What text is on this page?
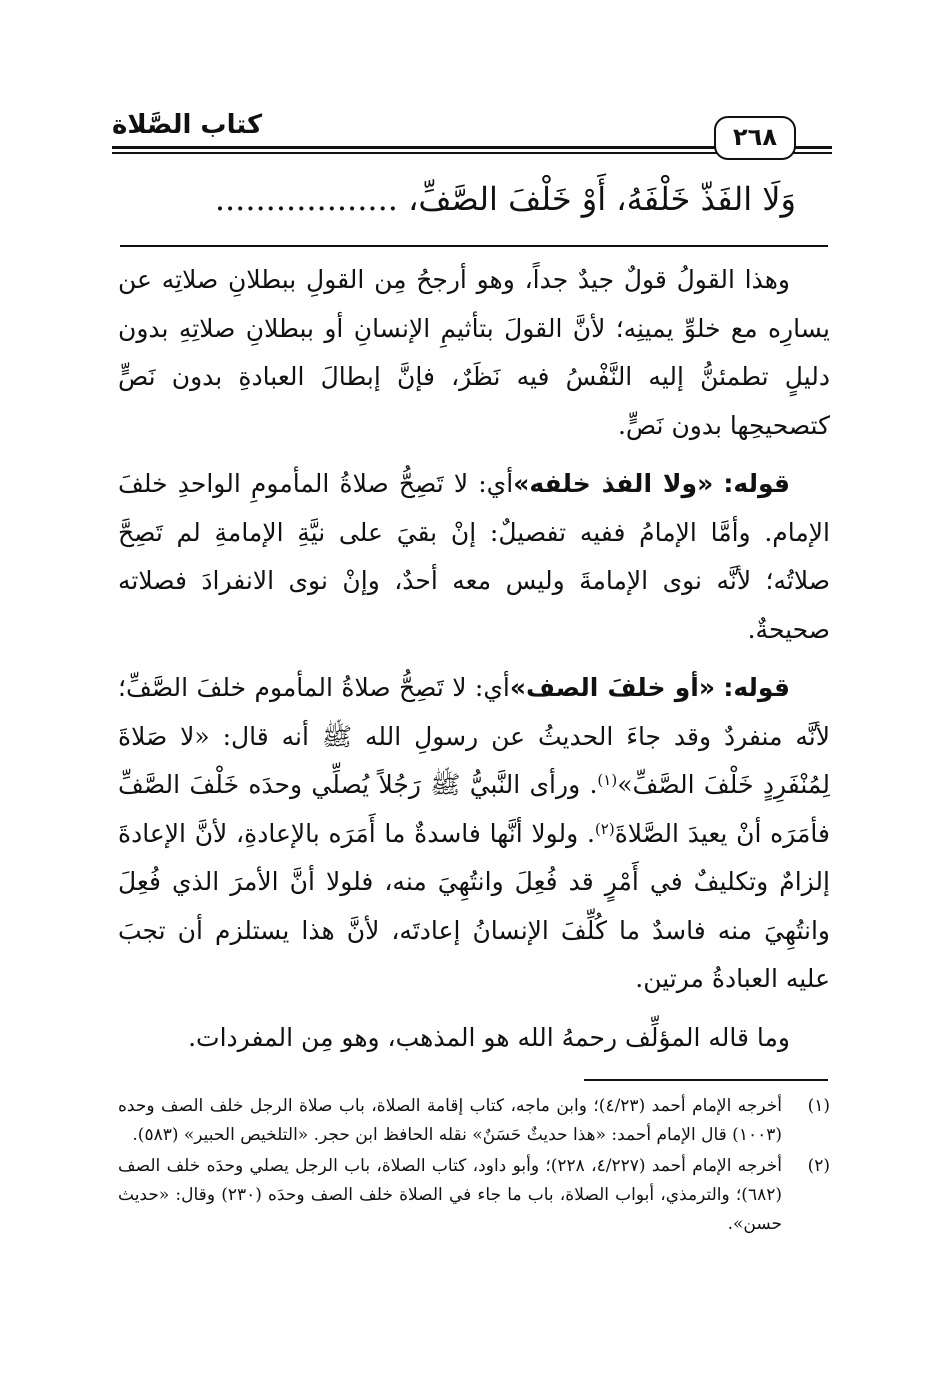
كتاب الصَّلاة	٢٦٨
وَلَا الفَذّ خَلْفَهُ، أَوْ خَلْفَ الصَّفِّ، ..................

وهذا القولُ قولٌ جيدٌ جداً، وهو أرجحُ مِن القولِ ببطلانِ صلاتِه عن يسارِه مع خلوِّ يمينِه؛ لأنَّ القولَ بتأثيمِ الإنسانِ أو ببطلانِ صلاتِهِ بدون دليلٍ تطمئنُّ إليه النَّفْسُ فيه نَظَرٌ، فإنَّ إبطالَ العبادةِ بدون نَصٍّ كتصحيحِها بدون نَصٍّ.

قوله: «ولا الفذ خلفه»أي: لا تَصِحُّ صلاةُ المأمومِ الواحدِ خلفَ الإمام. وأمَّا الإمامُ ففيه تفصيلٌ: إنْ بقيَ على نيَّةِ الإمامةِ لم تَصِحَّ صلاتُه؛ لأنَّه نوى الإمامةَ وليس معه أحدٌ، وإنْ نوى الانفرادَ فصلاته صحيحةٌ.

قوله: «أو خلفَ الصف»أي: لا تَصِحُّ صلاةُ المأموم خلفَ الصَّفِّ؛ لأنَّه منفردٌ وقد جاءَ الحديثُ عن رسولِ الله ﷺ أنه قال: «لا صَلاةَ لِمُنْفَرِدٍ خَلْفَ الصَّفِّ»$^{(١)}$. ورأى النَّبيُّ ﷺ رَجُلاً يُصلِّي وحدَه خَلْفَ الصَّفِّ فأمَرَه أنْ يعيدَ الصَّلاةَ$^{(٢)}$. ولولا أنَّها فاسدةٌ ما أَمَرَه بالإعادةِ، لأنَّ الإعادةَ إلزامٌ وتكليفٌ في أَمْرٍ قد فُعِلَ وانتُهِيَ منه، فلولا أنَّ الأمرَ الذي فُعِلَ وانتُهِيَ منه فاسدٌ ما كُلِّفَ الإنسانُ إعادتَه، لأنَّ هذا يستلزم أن تجبَ عليه العبادةُ مرتين.

وما قاله المؤلِّف رحمهُ الله هو المذهب، وهو مِن المفردات.

(١)
أخرجه الإمام أحمد (٤/٢٣)؛ وابن ماجه، كتاب إقامة الصلاة، باب صلاة الرجل خلف الصف وحده (١٠٠٣) قال الإمام أحمد: «هذا حديثٌ حَسَنٌ» نقله الحافظ ابن حجر. «التلخيص الحبير» (٥٨٣).
(٢)
أخرجه الإمام أحمد (٤/٢٢٧، ٢٢٨)؛ وأبو داود، كتاب الصلاة، باب الرجل يصلي وحدَه خلف الصف (٦٨٢)؛ والترمذي، أبواب الصلاة، باب ما جاء في الصلاة خلف الصف وحدَه (٢٣٠) وقال: «حديث حسن».
